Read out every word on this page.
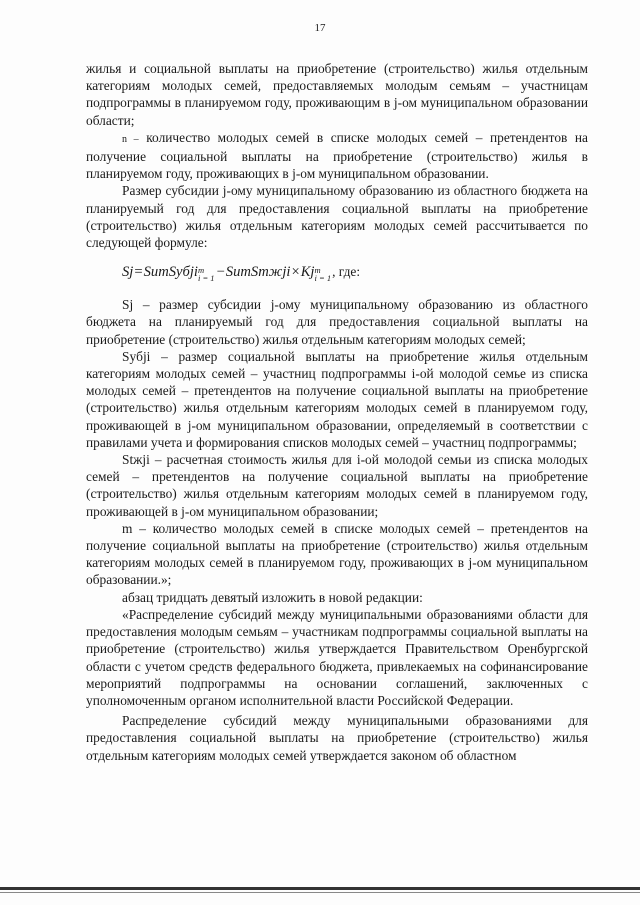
17

жилья и социальной выплаты на приобретение (строительство) жилья отдельным категориям молодых семей, предоставляемых молодым семьям – участницам подпрограммы в планируемом году, проживающим в j-ом муниципальном образовании области;

n – количество молодых семей в списке молодых семей – претендентов на получение социальной выплаты на приобретение (строительство) жилья в планируемом году, проживающих в j-ом муниципальном образовании.

Размер субсидии j-ому муниципальному образованию из областного бюджета на планируемый год для предоставления социальной выплаты на приобретение (строительство) жилья отдельным категориям молодых семей рассчитывается по следующей формуле:

Sj=SumSyбji m
i = 1 −SumSmжji×Kj m
i = 1 , где:

Sj – размер субсидии j-ому муниципальному образованию из областного бюджета на планируемый год для предоставления социальной выплаты на приобретение (строительство) жилья отдельным категориям молодых семей;

Syбji – размер социальной выплаты на приобретение жилья отдельным категориям молодых семей – участниц подпрограммы i-ой молодой семье из списка молодых семей – претендентов на получение социальной выплаты на приобретение (строительство) жилья отдельным категориям молодых семей в планируемом году, проживающей в j-ом муниципальном образовании, определяемый в соответствии с правилами учета и формирования списков молодых семей – участниц подпрограммы;

Stжji – расчетная стоимость жилья для i-ой молодой семьи из списка молодых семей – претендентов на получение социальной выплаты на приобретение (строительство) жилья отдельным категориям молодых семей в планируемом году, проживающей в j-ом муниципальном образовании;

m – количество молодых семей в списке молодых семей – претендентов на получение социальной выплаты на приобретение (строительство) жилья отдельным категориям молодых семей в планируемом году, проживающих в j-ом муниципальном образовании.»;

абзац тридцать девятый изложить в новой редакции:

«Распределение субсидий между муниципальными образованиями области для предоставления молодым семьям – участникам подпрограммы социальной выплаты на приобретение (строительство) жилья утверждается Правительством Оренбургской области с учетом средств федерального бюджета, привлекаемых на софинансирование мероприятий подпрограммы на основании соглашений, заключенных с уполномоченным органом исполнительной власти Российской Федерации.

Распределение субсидий между муниципальными образованиями для предоставления социальной выплаты на приобретение (строительство) жилья отдельным категориям молодых семей утверждается законом об областном
